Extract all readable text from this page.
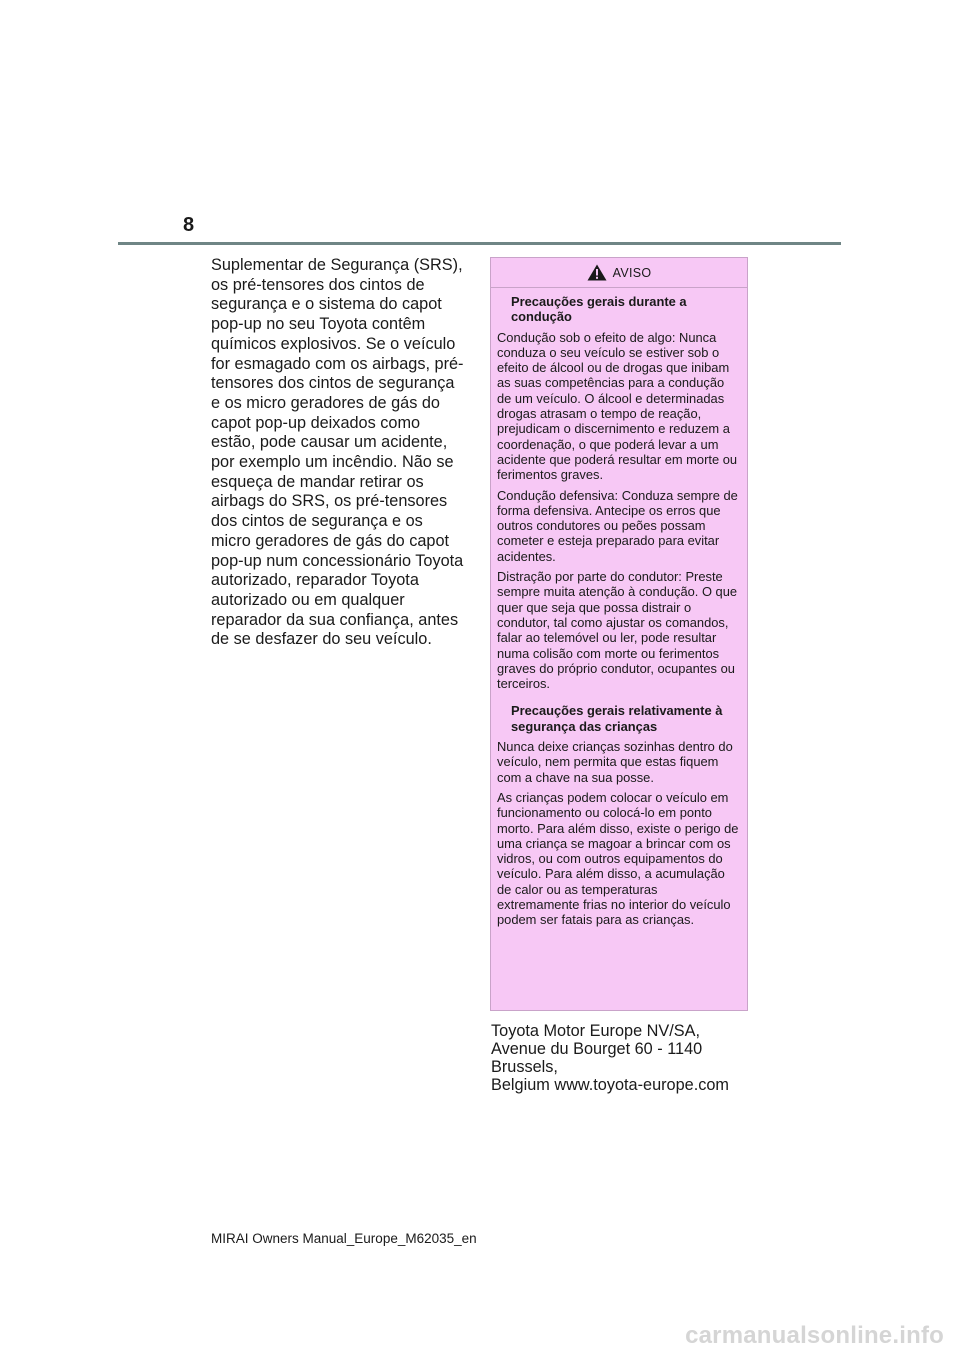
8

Suplementar de Segurança (SRS), os pré-tensores dos cintos de segurança e o sistema do capot pop-up no seu Toyota contêm químicos explosivos. Se o veículo for esmagado com os airbags, pré-tensores dos cintos de segurança e os micro geradores de gás do capot pop-up deixados como estão, pode causar um acidente, por exemplo um incêndio. Não se esqueça de mandar retirar os airbags do SRS, os pré-tensores dos cintos de segurança e os micro geradores de gás do capot pop-up num concessionário Toyota autorizado, reparador Toyota autorizado ou em qualquer reparador da sua confiança, antes de se desfazer do seu veículo.

AVISO

Precauções gerais durante a condução

Condução sob o efeito de algo: Nunca conduza o seu veículo se estiver sob o efeito de álcool ou de drogas que inibam as suas competências para a condução de um veículo. O álcool e determinadas drogas atrasam o tempo de reação, prejudicam o discernimento e reduzem a coordenação, o que poderá levar a um acidente que poderá resultar em morte ou ferimentos graves.

Condução defensiva: Conduza sempre de forma defensiva. Antecipe os erros que outros condutores ou peões possam cometer e esteja preparado para evitar acidentes.

Distração por parte do condutor: Preste sempre muita atenção à condução. O que quer que seja que possa distrair o condutor, tal como ajustar os comandos, falar ao telemóvel ou ler, pode resultar numa colisão com morte ou ferimentos graves do próprio condutor, ocupantes ou terceiros.

Precauções gerais relativamente à segurança das crianças

Nunca deixe crianças sozinhas dentro do veículo, nem permita que estas fiquem com a chave na sua posse.

As crianças podem colocar o veículo em funcionamento ou colocá-lo em ponto morto. Para além disso, existe o perigo de uma criança se magoar a brincar com os vidros, ou com outros equipamentos do veículo. Para além disso, a acumulação de calor ou as temperaturas extremamente frias no interior do veículo podem ser fatais para as crianças.

Toyota Motor Europe NV/SA,
Avenue du Bourget 60 - 1140
Brussels,
Belgium www.toyota-europe.com
MIRAI Owners Manual_Europe_M62035_en
carmanualsonline.info
